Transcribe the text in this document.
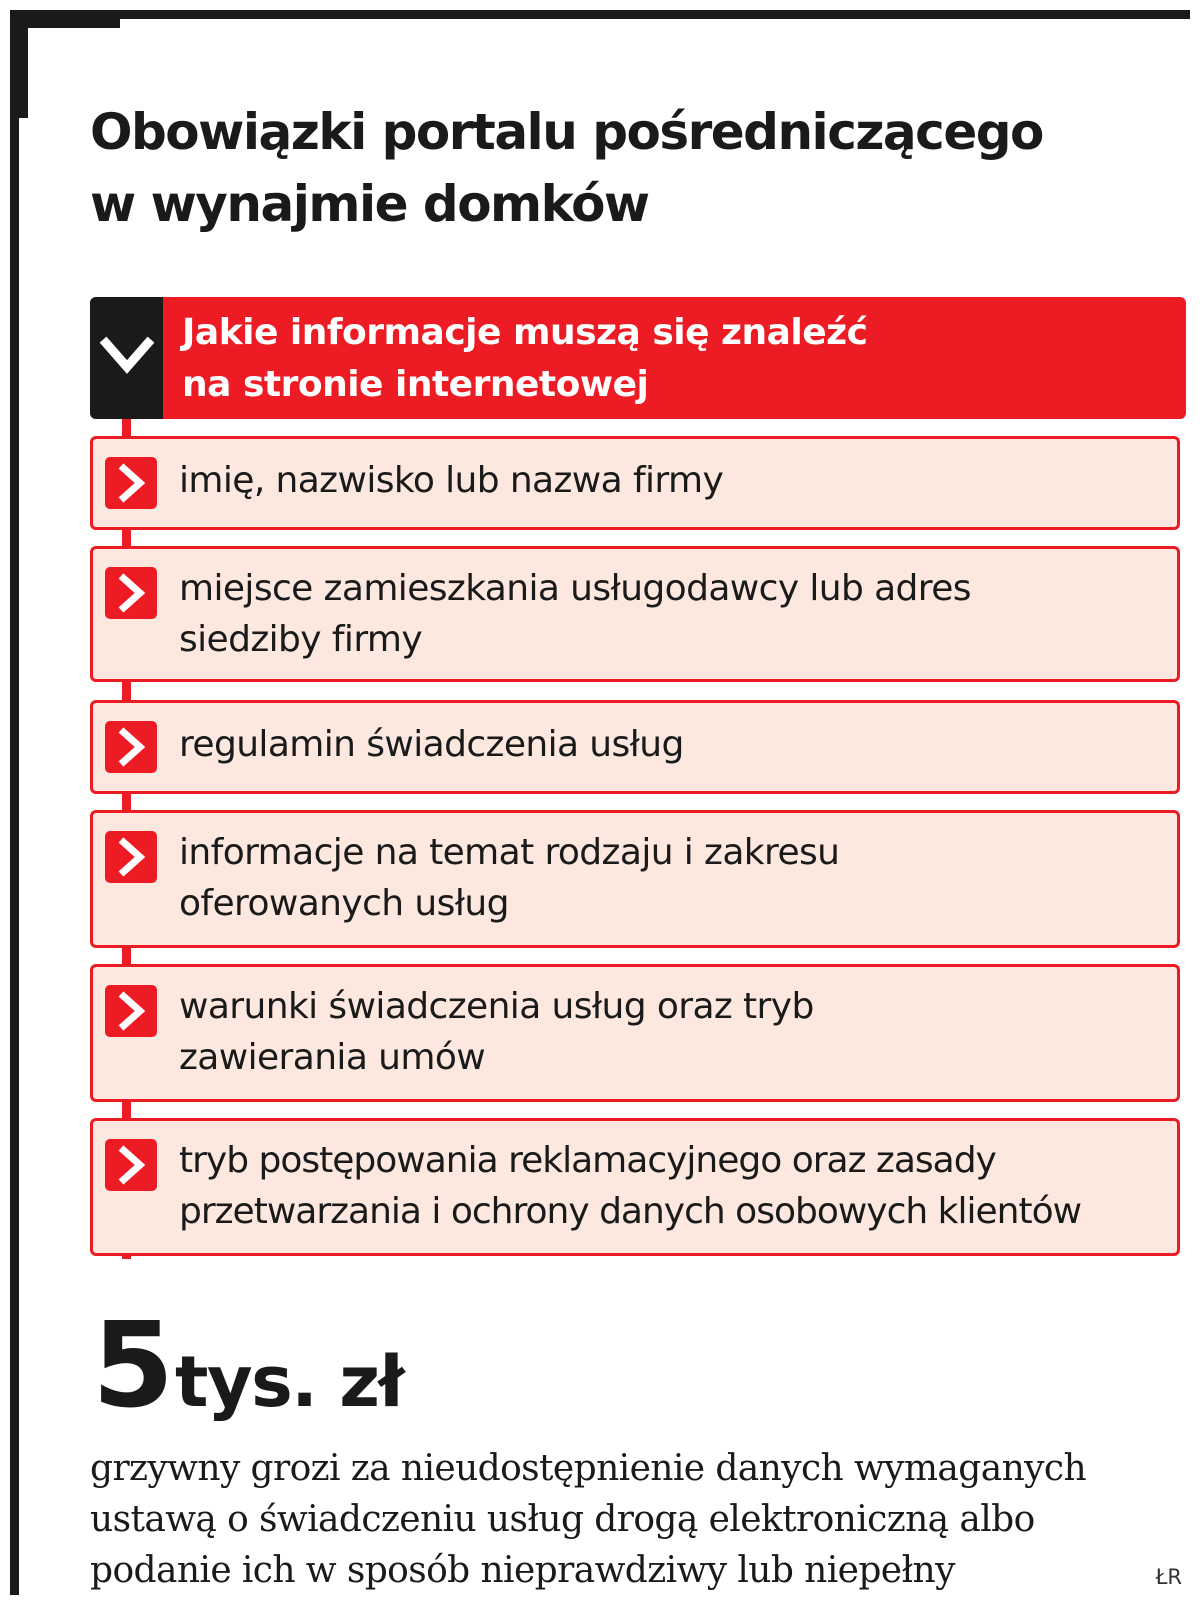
Obowiązki portalu pośredniczącego
w wynajmie domków
Jakie informacje muszą się znaleźć
na stronie internetowej
imię, nazwisko lub nazwa firmy
miejsce zamieszkania usługodawcy lub adres
siedziby firmy
regulamin świadczenia usług
informacje na temat rodzaju i zakresu
oferowanych usług
warunki świadczenia usług oraz tryb
zawierania umów
tryb postępowania reklamacyjnego oraz zasady
przetwarzania i ochrony danych osobowych klientów
5 tys. zł
grzywny grozi za nieudostępnienie danych wymaganych
ustawą o świadczeniu usług drogą elektroniczną albo
podanie ich w sposób nieprawdziwy lub niepełny	ŁR
